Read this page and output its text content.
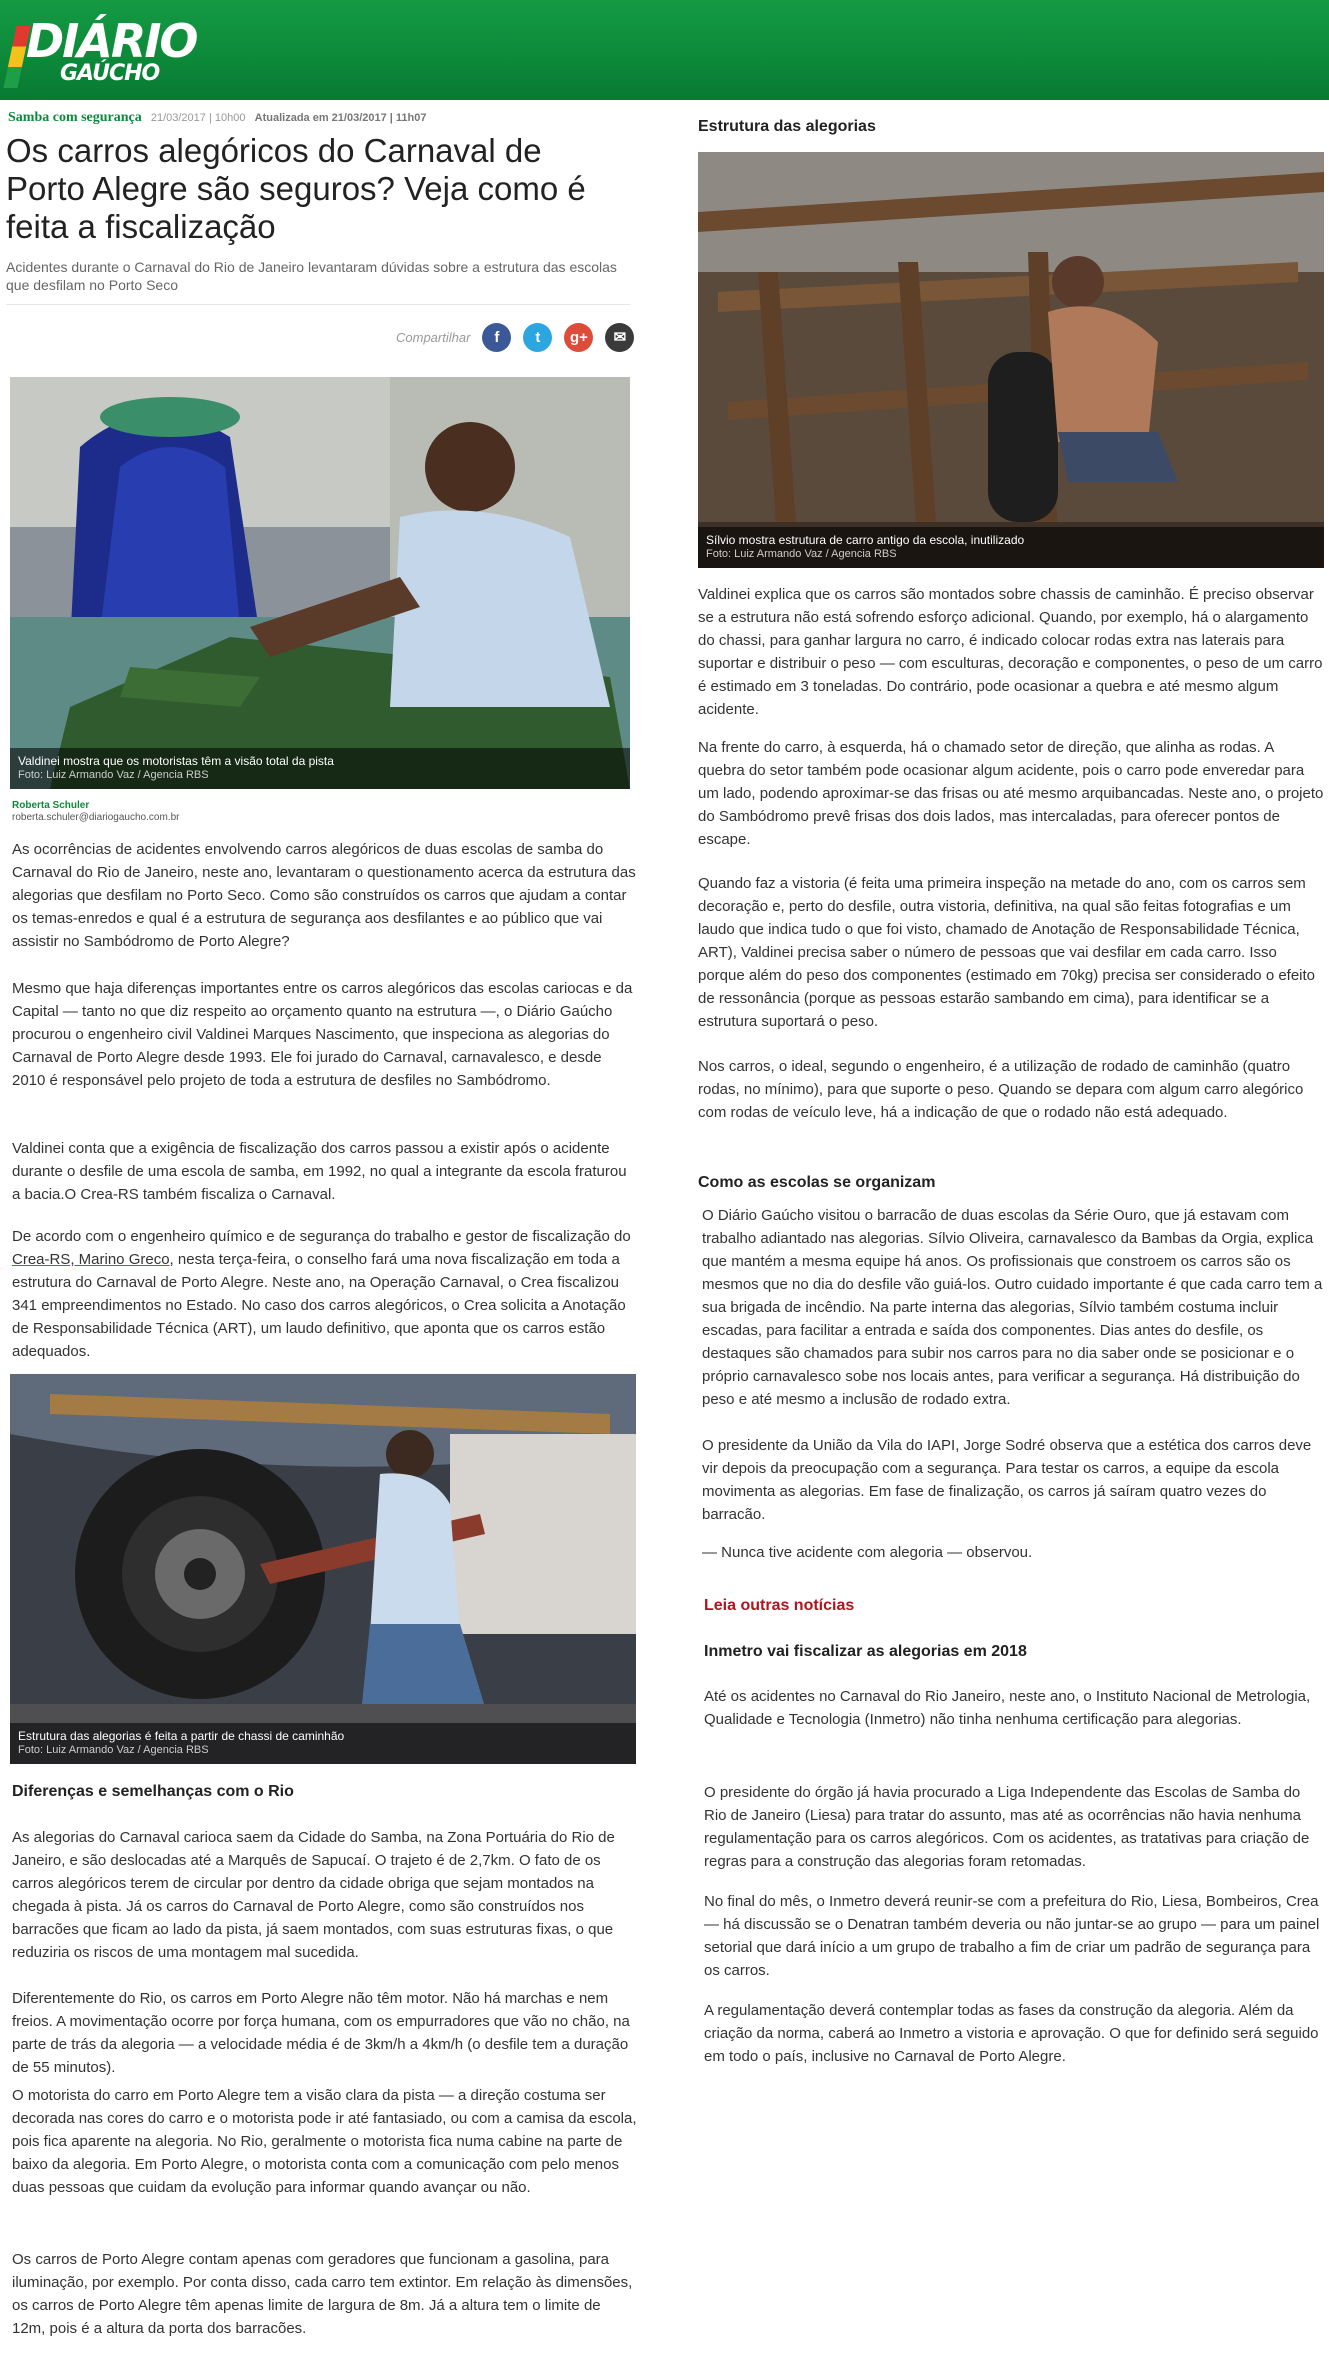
DIÁRIO
GAÚCHO
Samba com segurança 21/03/2017 | 10h00 Atualizada em 21/03/2017 | 11h07
Os carros alegóricos do Carnaval de Porto Alegre são seguros? Veja como é feita a fiscalização

Acidentes durante o Carnaval do Rio de Janeiro levantaram dúvidas sobre a estrutura das escolas que desfilam no Porto Seco

Compartilhar	f	t	g+	✉
Valdinei mostra que os motoristas têm a visão total da pista
Foto: Luiz Armando Vaz / Agencia RBS
Roberta Schuler
roberta.schuler@diariogaucho.com.br

As ocorrências de acidentes envolvendo carros alegóricos de duas escolas de samba do Carnaval do Rio de Janeiro, neste ano, levantaram o questionamento acerca da estrutura das alegorias que desfilam no Porto Seco. Como são construídos os carros que ajudam a contar os temas-enredos e qual é a estrutura de segurança aos desfilantes e ao público que vai assistir no Sambódromo de Porto Alegre?

Mesmo que haja diferenças importantes entre os carros alegóricos das escolas cariocas e da Capital — tanto no que diz respeito ao orçamento quanto na estrutura —, o Diário Gaúcho procurou o engenheiro civil Valdinei Marques Nascimento, que inspeciona as alegorias do Carnaval de Porto Alegre desde 1993. Ele foi jurado do Carnaval, carnavalesco, e desde 2010 é responsável pelo projeto de toda a estrutura de desfiles no Sambódromo.

Valdinei conta que a exigência de fiscalização dos carros passou a existir após o acidente durante o desfile de uma escola de samba, em 1992, no qual a integrante da escola fraturou a bacia.O Crea-RS também fiscaliza o Carnaval.

De acordo com o engenheiro químico e de segurança do trabalho e gestor de fiscalização do Crea-RS, Marino Greco, nesta terça-feira, o conselho fará uma nova fiscalização em toda a estrutura do Carnaval de Porto Alegre. Neste ano, na Operação Carnaval, o Crea fiscalizou 341 empreendimentos no Estado. No caso dos carros alegóricos, o Crea solicita a Anotação de Responsabilidade Técnica (ART), um laudo definitivo, que aponta que os carros estão adequados.

Estrutura das alegorias é feita a partir de chassi de caminhão
Foto: Luiz Armando Vaz / Agencia RBS
Diferenças e semelhanças com o Rio

As alegorias do Carnaval carioca saem da Cidade do Samba, na Zona Portuária do Rio de Janeiro, e são deslocadas até a Marquês de Sapucaí. O trajeto é de 2,7km. O fato de os carros alegóricos terem de circular por dentro da cidade obriga que sejam montados na chegada à pista. Já os carros do Carnaval de Porto Alegre, como são construídos nos barracões que ficam ao lado da pista, já saem montados, com suas estruturas fixas, o que reduziria os riscos de uma montagem mal sucedida.

Diferentemente do Rio, os carros em Porto Alegre não têm motor. Não há marchas e nem freios. A movimentação ocorre por força humana, com os empurradores que vão no chão, na parte de trás da alegoria — a velocidade média é de 3km/h a 4km/h (o desfile tem a duração de 55 minutos).

O motorista do carro em Porto Alegre tem a visão clara da pista — a direção costuma ser decorada nas cores do carro e o motorista pode ir até fantasiado, ou com a camisa da escola, pois fica aparente na alegoria. No Rio, geralmente o motorista fica numa cabine na parte de baixo da alegoria. Em Porto Alegre, o motorista conta com a comunicação com pelo menos duas pessoas que cuidam da evolução para informar quando avançar ou não.

Os carros de Porto Alegre contam apenas com geradores que funcionam a gasolina, para iluminação, por exemplo. Por conta disso, cada carro tem extintor. Em relação às dimensões, os carros de Porto Alegre têm apenas limite de largura de 8m. Já a altura tem o limite de 12m, pois é a altura da porta dos barracões.

Estrutura das alegorias
Sílvio mostra estrutura de carro antigo da escola, inutilizado
Foto: Luiz Armando Vaz / Agencia RBS

Valdinei explica que os carros são montados sobre chassis de caminhão. É preciso observar se a estrutura não está sofrendo esforço adicional. Quando, por exemplo, há o alargamento do chassi, para ganhar largura no carro, é indicado colocar rodas extra nas laterais para suportar e distribuir o peso — com esculturas, decoração e componentes, o peso de um carro é estimado em 3 toneladas. Do contrário, pode ocasionar a quebra e até mesmo algum acidente.

Na frente do carro, à esquerda, há o chamado setor de direção, que alinha as rodas. A quebra do setor também pode ocasionar algum acidente, pois o carro pode enveredar para um lado, podendo aproximar-se das frisas ou até mesmo arquibancadas. Neste ano, o projeto do Sambódromo prevê frisas dos dois lados, mas intercaladas, para oferecer pontos de escape.

Quando faz a vistoria (é feita uma primeira inspeção na metade do ano, com os carros sem decoração e, perto do desfile, outra vistoria, definitiva, na qual são feitas fotografias e um laudo que indica tudo o que foi visto, chamado de Anotação de Responsabilidade Técnica, ART), Valdinei precisa saber o número de pessoas que vai desfilar em cada carro. Isso porque além do peso dos componentes (estimado em 70kg) precisa ser considerado o efeito de ressonância (porque as pessoas estarão sambando em cima), para identificar se a estrutura suportará o peso.

Nos carros, o ideal, segundo o engenheiro, é a utilização de rodado de caminhão (quatro rodas, no mínimo), para que suporte o peso. Quando se depara com algum carro alegórico com rodas de veículo leve, há a indicação de que o rodado não está adequado.

Como as escolas se organizam

O Diário Gaúcho visitou o barracão de duas escolas da Série Ouro, que já estavam com trabalho adiantado nas alegorias. Sílvio Oliveira, carnavalesco da Bambas da Orgia, explica que mantém a mesma equipe há anos. Os profissionais que constroem os carros são os mesmos que no dia do desfile vão guiá-los. Outro cuidado importante é que cada carro tem a sua brigada de incêndio. Na parte interna das alegorias, Sílvio também costuma incluir escadas, para facilitar a entrada e saída dos componentes. Dias antes do desfile, os destaques são chamados para subir nos carros para no dia saber onde se posicionar e o próprio carnavalesco sobe nos locais antes, para verificar a segurança. Há distribuição do peso e até mesmo a inclusão de rodado extra.

O presidente da União da Vila do IAPI, Jorge Sodré observa que a estética dos carros deve vir depois da preocupação com a segurança. Para testar os carros, a equipe da escola movimenta as alegorias. Em fase de finalização, os carros já saíram quatro vezes do barracão.

— Nunca tive acidente com alegoria — observou.

Leia outras notícias

Inmetro vai fiscalizar as alegorias em 2018

Até os acidentes no Carnaval do Rio Janeiro, neste ano, o Instituto Nacional de Metrologia, Qualidade e Tecnologia (Inmetro) não tinha nenhuma certificação para alegorias.

O presidente do órgão já havia procurado a Liga Independente das Escolas de Samba do Rio de Janeiro (Liesa) para tratar do assunto, mas até as ocorrências não havia nenhuma regulamentação para os carros alegóricos. Com os acidentes, as tratativas para criação de regras para a construção das alegorias foram retomadas.

No final do mês, o Inmetro deverá reunir-se com a prefeitura do Rio, Liesa, Bombeiros, Crea — há discussão se o Denatran também deveria ou não juntar-se ao grupo — para um painel setorial que dará início a um grupo de trabalho a fim de criar um padrão de segurança para os carros.

A regulamentação deverá contemplar todas as fases da construção da alegoria. Além da criação da norma, caberá ao Inmetro a vistoria e aprovação. O que for definido será seguido em todo o país, inclusive no Carnaval de Porto Alegre.
